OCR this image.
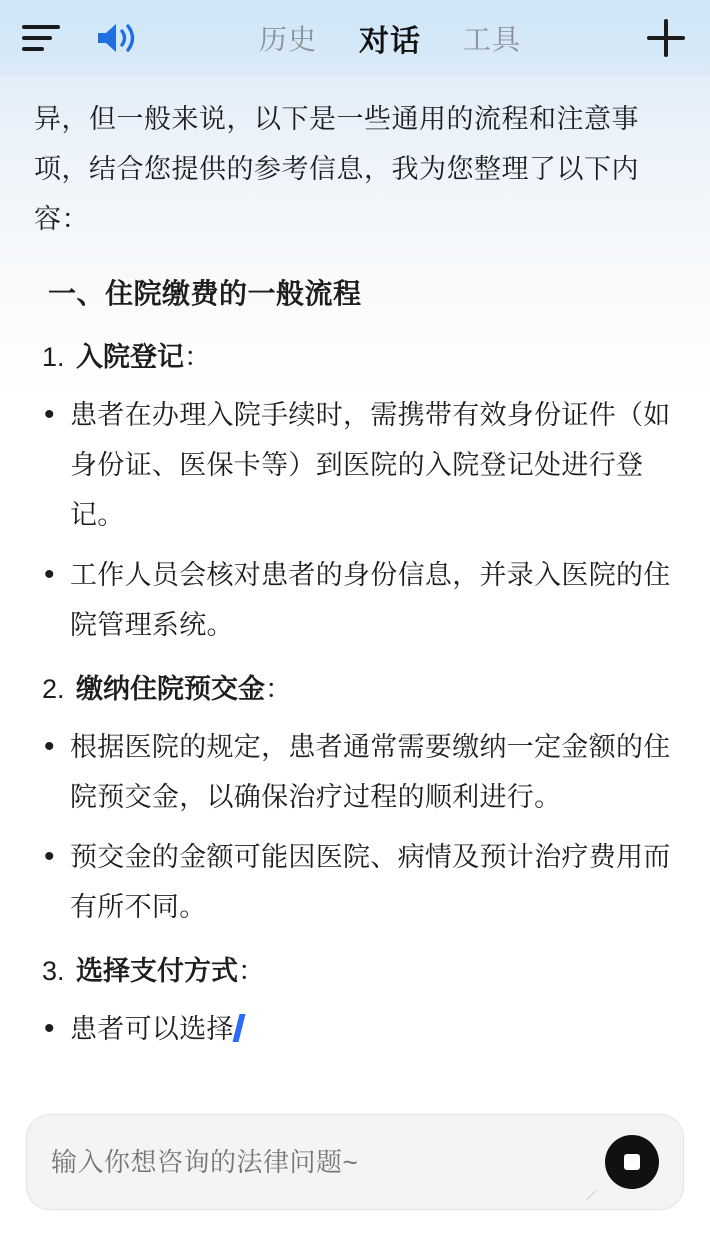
历史 对话 工具
异，但一般来说，以下是一些通用的流程和注意事项，结合您提供的参考信息，我为您整理了以下内容：
一、住院缴费的一般流程
1. 入院登记：
• 患者在办理入院手续时，需携带有效身份证件（如身份证、医保卡等）到医院的入院登记处进行登记。
• 工作人员会核对患者的身份信息，并录入医院的住院管理系统。
2. 缴纳住院预交金：
• 根据医院的规定，患者通常需要缴纳一定金额的住院预交金，以确保治疗过程的顺利进行。
• 预交金的金额可能因医院、病情及预计治疗费用而有所不同。
3. 选择支付方式：
• 患者可以选择
输入你想咨询的法律问题~
